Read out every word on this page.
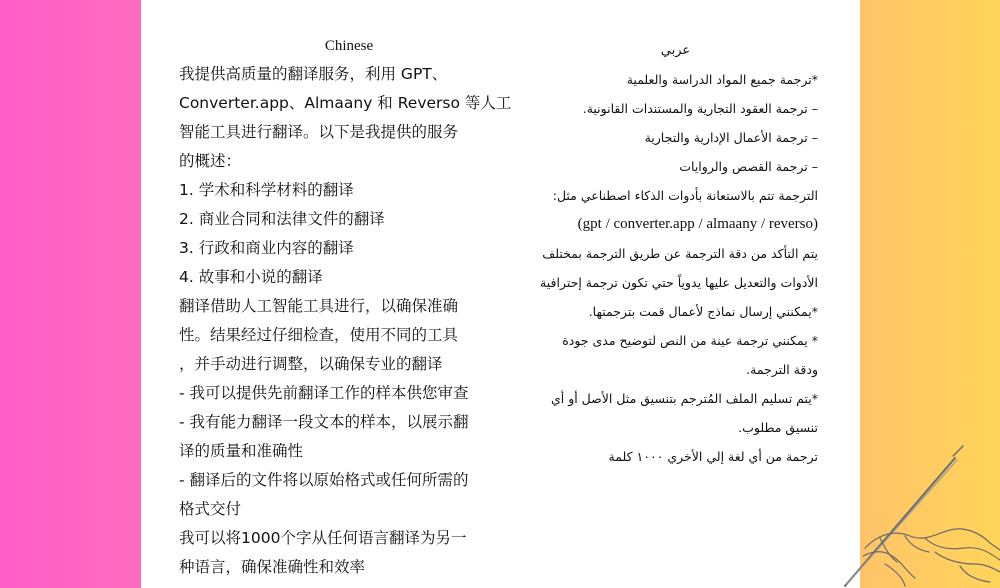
Chinese
我提供高质量的翻译服务，利用 GPT、
Converter.app、Almaany 和 Reverso 等人工
智能工具进行翻译。以下是我提供的服务
的概述：
1. 学术和科学材料的翻译
2. 商业合同和法律文件的翻译
3. 行政和商业内容的翻译
4. 故事和小说的翻译
翻译借助人工智能工具进行，以确保准确
性。结果经过仔细检查，使用不同的工具
，并手动进行调整，以确保专业的翻译
- 我可以提供先前翻译工作的样本供您审查
- 我有能力翻译一段文本的样本，以展示翻
译的质量和准确性
- 翻译后的文件将以原始格式或任何所需的
格式交付
我可以将1000个字从任何语言翻译为另一
种语言，确保准确性和效率
عربي
*ترجمة جميع المواد الدراسة والعلمية
– ترجمة العقود التجارية والمستندات القانونية.
– ترجمة الأعمال الإدارية والتجارية
– ترجمة القصص والروايات
الترجمة تتم بالاستعانة بأدوات الذكاء اصطناعي مثل:
(gpt / converter.app / almaany / reverso)
يتم التأكد من دقة الترجمة عن طريق الترجمة بمختلف
الأدوات والتعديل عليها يدوياً حتي تكون ترجمة إحترافية
*يمكنني إرسال نماذج لأعمال قمت بترجمتها.
* يمكنني ترجمة عينة من النص لتوضيح مدى جودة
ودقة الترجمة.
*يتم تسليم الملف المُترجم بتنسيق مثل الأصل أو أي
تنسيق مطلوب.
ترجمة من أي لغة إلي الأخري ١٠٠٠ كلمة
